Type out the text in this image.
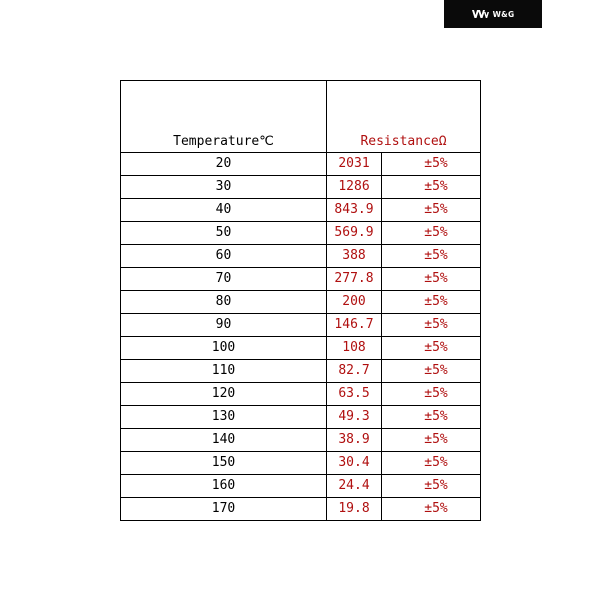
W&G
Temperature℃	ResistanceΩ	
20	2031	±5%
30	1286	±5%
40	843.9	±5%
50	569.9	±5%
60	388	±5%
70	277.8	±5%
80	200	±5%
90	146.7	±5%
100	108	±5%
110	82.7	±5%
120	63.5	±5%
130	49.3	±5%
140	38.9	±5%
150	30.4	±5%
160	24.4	±5%
170	19.8	±5%
